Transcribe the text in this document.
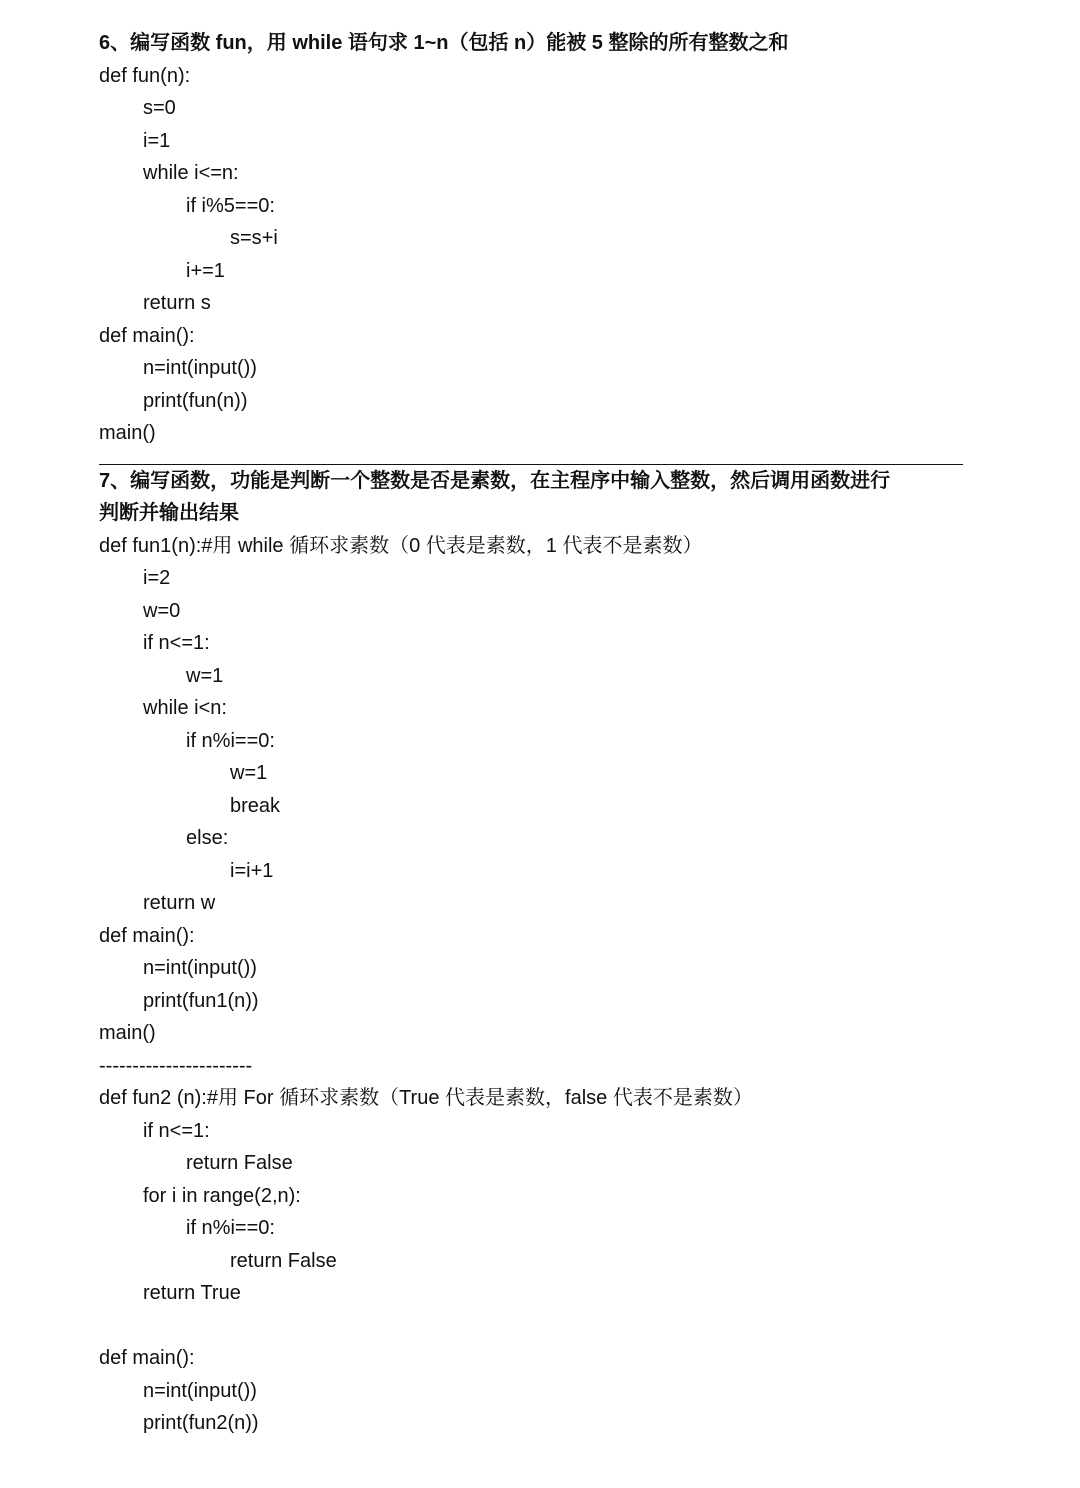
6、编写函数 fun，用 while 语句求 1~n（包括 n）能被 5 整除的所有整数之和
def fun(n):
s=0
i=1
while i<=n:
if i%5==0:
s=s+i
i+=1
return s
def main():
n=int(input())
print(fun(n))
main()
7、编写函数，功能是判断一个整数是否是素数，在主程序中输入整数，然后调用函数进行
判断并输出结果
def fun1(n):#用 while 循环求素数（0 代表是素数，1 代表不是素数）
i=2
w=0
if n<=1:
w=1
while i<n:
if n%i==0:
w=1
break
else:
i=i+1
return w
def main():
n=int(input())
print(fun1(n))
main()
-----------------------
def fun2 (n):#用 For 循环求素数（True 代表是素数，false 代表不是素数）
if n<=1:
return False
for i in range(2,n):
if n%i==0:
return False
return True
def main():
n=int(input())
print(fun2(n))
